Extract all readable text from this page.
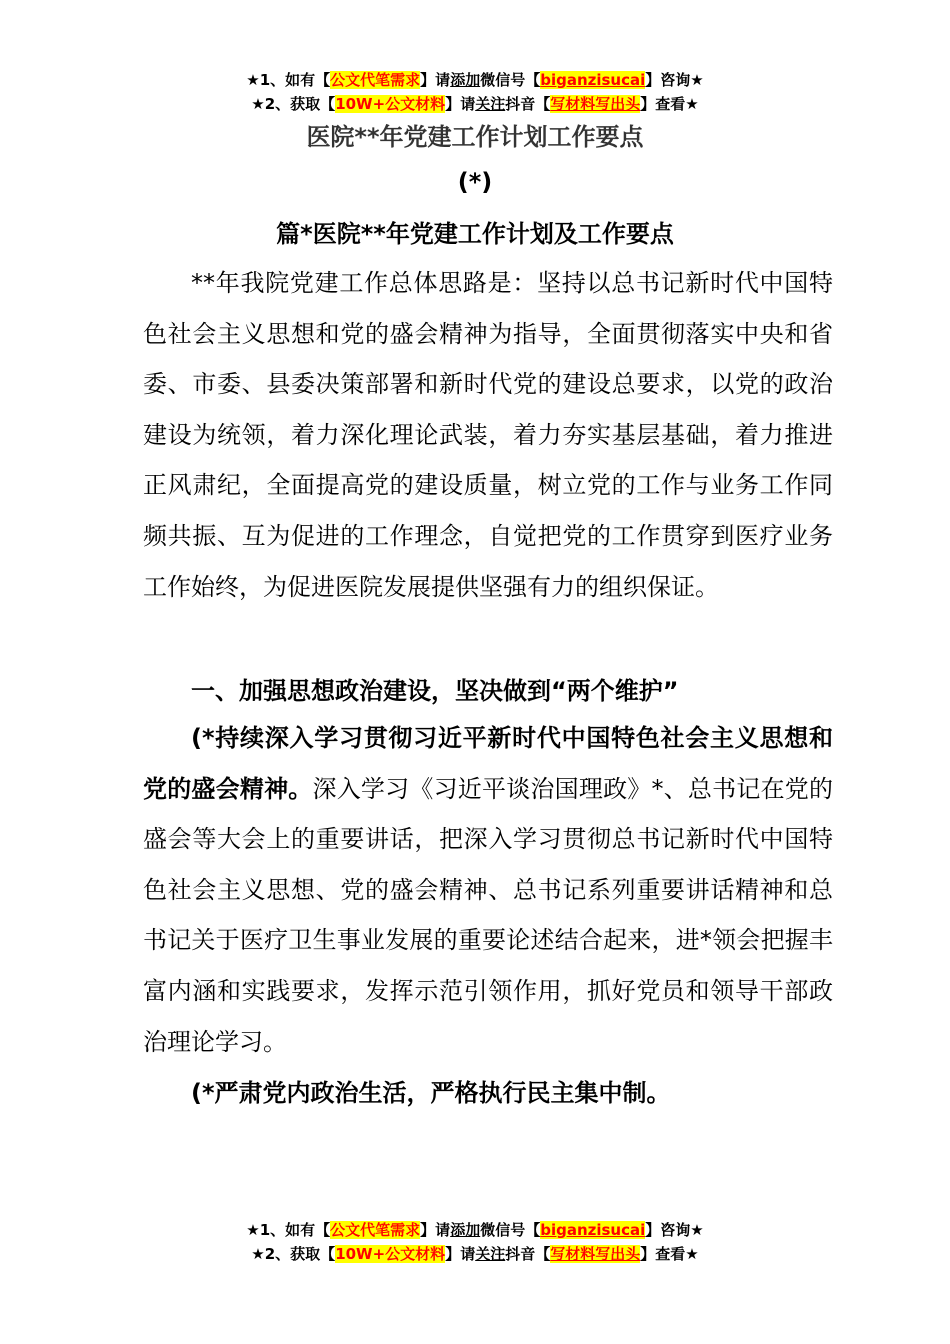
★1、如有【公文代笔需求】请添加微信号【biganzisucai】咨询★
★2、获取【10W+公文材料】请关注抖音【写材料写出头】查看★
医院**年党建工作计划工作要点
(*)
篇*医院**年党建工作计划及工作要点

**年我院党建工作总体思路是：坚持以总书记新时代中国特色社会主义思想和党的盛会精神为指导，全面贯彻落实中央和省委、市委、县委决策部署和新时代党的建设总要求，以党的政治建设为统领，着力深化理论武装，着力夯实基层基础，着力推进正风肃纪，全面提高党的建设质量，树立党的工作与业务工作同频共振、互为促进的工作理念，自觉把党的工作贯穿到医疗业务工作始终，为促进医院发展提供坚强有力的组织保证。

一、加强思想政治建设，坚决做到“两个维护”

(*持续深入学习贯彻习近平新时代中国特色社会主义思想和党的盛会精神。深入学习《习近平谈治国理政》*、总书记在党的盛会等大会上的重要讲话，把深入学习贯彻总书记新时代中国特色社会主义思想、党的盛会精神、总书记系列重要讲话精神和总书记关于医疗卫生事业发展的重要论述结合起来，进*领会把握丰富内涵和实践要求，发挥示范引领作用，抓好党员和领导干部政治理论学习。

(*严肃党内政治生活，严格执行民主集中制。

★1、如有【公文代笔需求】请添加微信号【biganzisucai】咨询★
★2、获取【10W+公文材料】请关注抖音【写材料写出头】查看★
